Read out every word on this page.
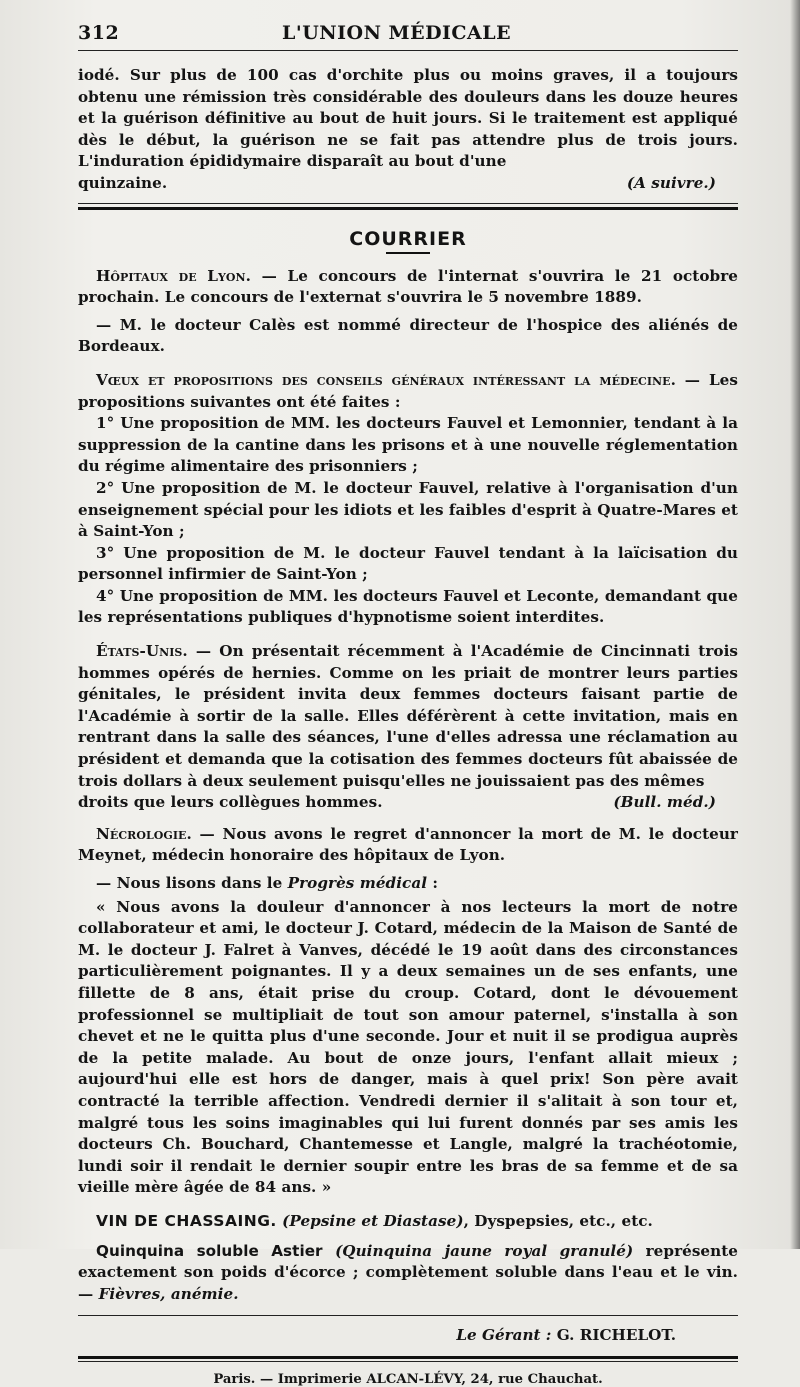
312	L'UNION MÉDICALE

iodé. Sur plus de 100 cas d'orchite plus ou moins graves, il a toujours obtenu une rémission très considérable des douleurs dans les douze heures et la guérison définitive au bout de huit jours. Si le traitement est appliqué dès le début, la guérison ne se fait pas attendre plus de trois jours. L'induration épididymaire disparaît au bout d'une

quinzaine.	(A suivre.)

COURRIER

Hôpitaux de Lyon. — Le concours de l'internat s'ouvrira le 21 octobre prochain. Le concours de l'externat s'ouvrira le 5 novembre 1889.

— M. le docteur Calès est nommé directeur de l'hospice des aliénés de Bordeaux.

Vœux et propositions des conseils généraux intéressant la médecine. — Les propositions suivantes ont été faites :

1° Une proposition de MM. les docteurs Fauvel et Lemonnier, tendant à la suppression de la cantine dans les prisons et à une nouvelle réglementation du régime alimentaire des prisonniers ;

2° Une proposition de M. le docteur Fauvel, relative à l'organisation d'un enseignement spécial pour les idiots et les faibles d'esprit à Quatre-Mares et à Saint-Yon ;

3° Une proposition de M. le docteur Fauvel tendant à la laïcisation du personnel infirmier de Saint-Yon ;

4° Une proposition de MM. les docteurs Fauvel et Leconte, demandant que les représentations publiques d'hypnotisme soient interdites.

États-Unis. — On présentait récemment à l'Académie de Cincinnati trois hommes opérés de hernies. Comme on les priait de montrer leurs parties génitales, le président invita deux femmes docteurs faisant partie de l'Académie à sortir de la salle. Elles déférèrent à cette invitation, mais en rentrant dans la salle des séances, l'une d'elles adressa une réclamation au président et demanda que la cotisation des femmes docteurs fût abaissée de trois dollars à deux seulement puisqu'elles ne jouissaient pas des mêmes

droits que leurs collègues hommes.	(Bull. méd.)

Nécrologie. — Nous avons le regret d'annoncer la mort de M. le docteur Meynet, médecin honoraire des hôpitaux de Lyon.

— Nous lisons dans le Progrès médical :

« Nous avons la douleur d'annoncer à nos lecteurs la mort de notre collaborateur et ami, le docteur J. Cotard, médecin de la Maison de Santé de M. le docteur J. Falret à Vanves, décédé le 19 août dans des circonstances particulièrement poignantes. Il y a deux semaines un de ses enfants, une fillette de 8 ans, était prise du croup. Cotard, dont le dévouement professionnel se multipliait de tout son amour paternel, s'installa à son chevet et ne le quitta plus d'une seconde. Jour et nuit il se prodigua auprès de la petite malade. Au bout de onze jours, l'enfant allait mieux ; aujourd'hui elle est hors de danger, mais à quel prix! Son père avait contracté la terrible affection. Vendredi dernier il s'alitait à son tour et, malgré tous les soins imaginables qui lui furent donnés par ses amis les docteurs Ch. Bouchard, Chantemesse et Langle, malgré la trachéotomie, lundi soir il rendait le dernier soupir entre les bras de sa femme et de sa vieille mère âgée de 84 ans. »

VIN DE CHASSAING. (Pepsine et Diastase), Dyspepsies, etc., etc.

Quinquina soluble Astier (Quinquina jaune royal granulé) représente exactement son poids d'écorce ; complètement soluble dans l'eau et le vin. — Fièvres, anémie.

Le Gérant : G. RICHELOT.
Paris. — Imprimerie ALCAN-LÉVY, 24, rue Chauchat.
